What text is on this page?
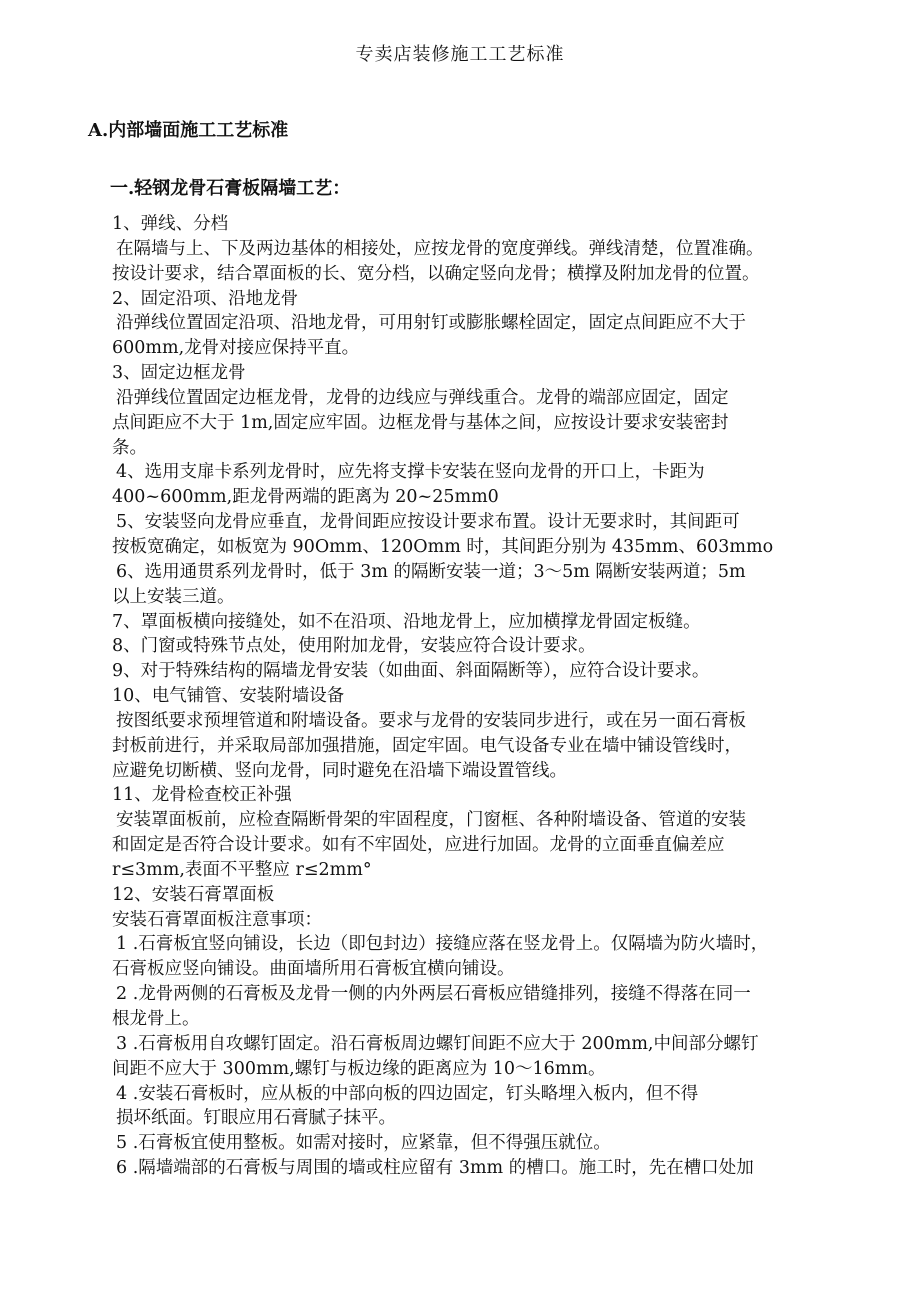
专卖店装修施工工艺标准
A.内部墙面施工工艺标准
一.轻钢龙骨石膏板隔墙工艺：
1、弹线、分档
在隔墙与上、下及两边基体的相接处，应按龙骨的宽度弹线。弹线清楚，位置准确。
按设计要求，结合罩面板的长、宽分档，以确定竖向龙骨；横撑及附加龙骨的位置。
2、固定沿项、沿地龙骨
沿弹线位置固定沿项、沿地龙骨，可用射钉或膨胀螺栓固定，固定点间距应不大于
600mm,龙骨对接应保持平直。
3、固定边框龙骨
沿弹线位置固定边框龙骨，龙骨的边线应与弹线重合。龙骨的端部应固定，固定
点间距应不大于 1m,固定应牢固。边框龙骨与基体之间，应按设计要求安装密封
条。
4、选用支扉卡系列龙骨时，应先将支撑卡安装在竖向龙骨的开口上，卡距为
400~600mm,距龙骨两端的距离为 20~25mm0
5、安装竖向龙骨应垂直，龙骨间距应按设计要求布置。设计无要求时，其间距可
按板宽确定，如板宽为 90Omm、120Omm 时，其间距分别为 435mm、603mmo
6、选用通贯系列龙骨时，低于 3m 的隔断安装一道；3～5m 隔断安装两道；5m
以上安装三道。
7、罩面板横向接缝处，如不在沿项、沿地龙骨上，应加横撑龙骨固定板缝。
8、门窗或特殊节点处，使用附加龙骨，安装应符合设计要求。
9、对于特殊结构的隔墙龙骨安装（如曲面、斜面隔断等），应符合设计要求。
10、电气铺管、安装附墙设备
按图纸要求预埋管道和附墙设备。要求与龙骨的安装同步进行，或在另一面石膏板
封板前进行，并采取局部加强措施，固定牢固。电气设备专业在墙中铺设管线时，
应避免切断横、竖向龙骨，同时避免在沿墙下端设置管线。
11、龙骨检查校正补强
安装罩面板前，应检查隔断骨架的牢固程度，门窗框、各种附墙设备、管道的安装
和固定是否符合设计要求。如有不牢固处，应进行加固。龙骨的立面垂直偏差应
r≤3mm,表面不平整应 r≤2mm°
12、安装石膏罩面板
安装石膏罩面板注意事项：
1 .石膏板宜竖向铺设，长边（即包封边）接缝应落在竖龙骨上。仅隔墙为防火墙时，
石膏板应竖向铺设。曲面墙所用石膏板宜横向铺设。
2 .龙骨两侧的石膏板及龙骨一侧的内外两层石膏板应错缝排列，接缝不得落在同一
根龙骨上。
3 .石膏板用自攻螺钉固定。沿石膏板周边螺钉间距不应大于 200mm,中间部分螺钉
间距不应大于 300mm,螺钉与板边缘的距离应为 10～16mm。
4 .安装石膏板时，应从板的中部向板的四边固定，钉头略埋入板内，但不得
损坏纸面。钉眼应用石膏腻子抹平。
5 .石膏板宜使用整板。如需对接时，应紧靠，但不得强压就位。
6 .隔墙端部的石膏板与周围的墙或柱应留有 3mm 的槽口。施工时，先在槽口处加
